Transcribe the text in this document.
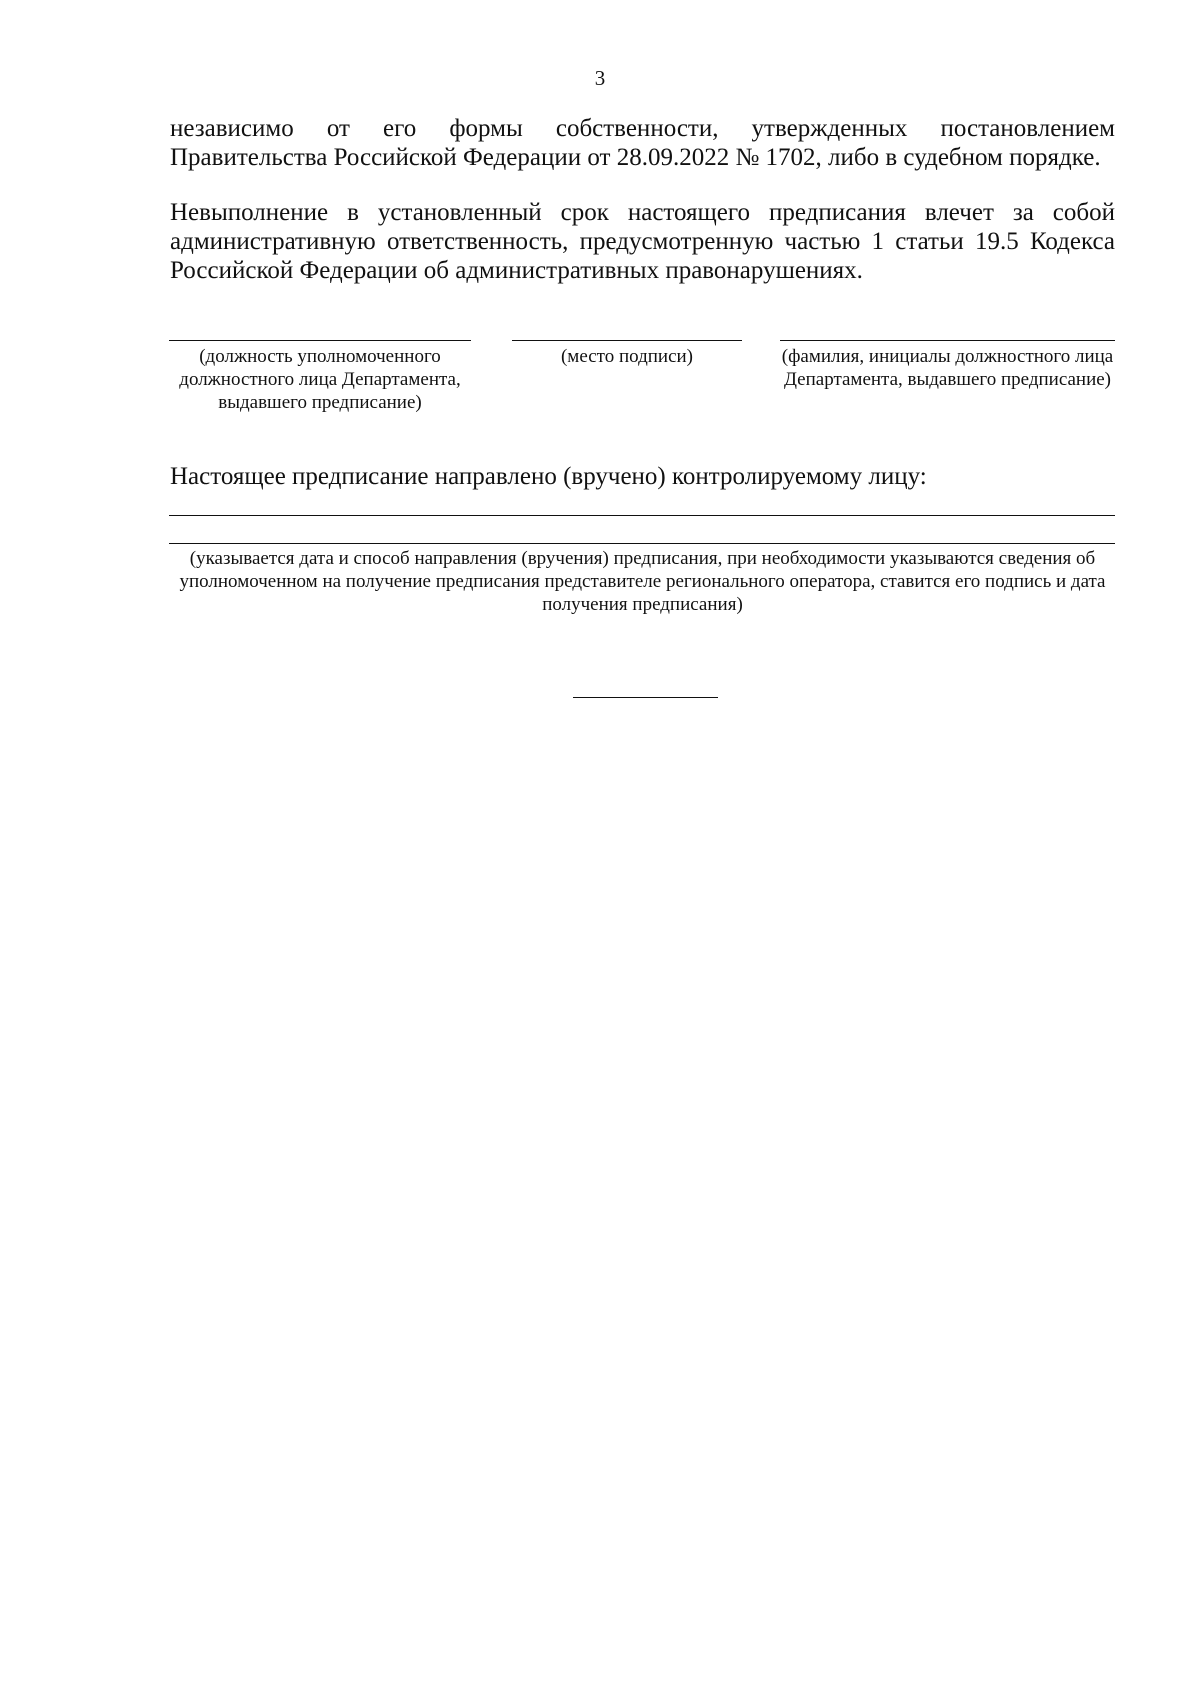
3
независимо от его формы собственности, утвержденных постановлением Правительства Российской Федерации от 28.09.2022 № 1702, либо в судебном порядке.
Невыполнение в установленный срок настоящего предписания влечет за собой административную ответственность, предусмотренную частью 1 статьи 19.5 Кодекса Российской Федерации об административных правонарушениях.
(должность уполномоченного должностного лица Департамента, выдавшего предписание)
(место подписи)	(фамилия, инициалы должностного лица Департамента, выдавшего предписание)
Настоящее предписание направлено (вручено) контролируемому лицу:
(указывается дата и способ направления (вручения) предписания, при необходимости указываются сведения об уполномоченном на получение предписания представителе регионального оператора, ставится его подпись и дата получения предписания)
